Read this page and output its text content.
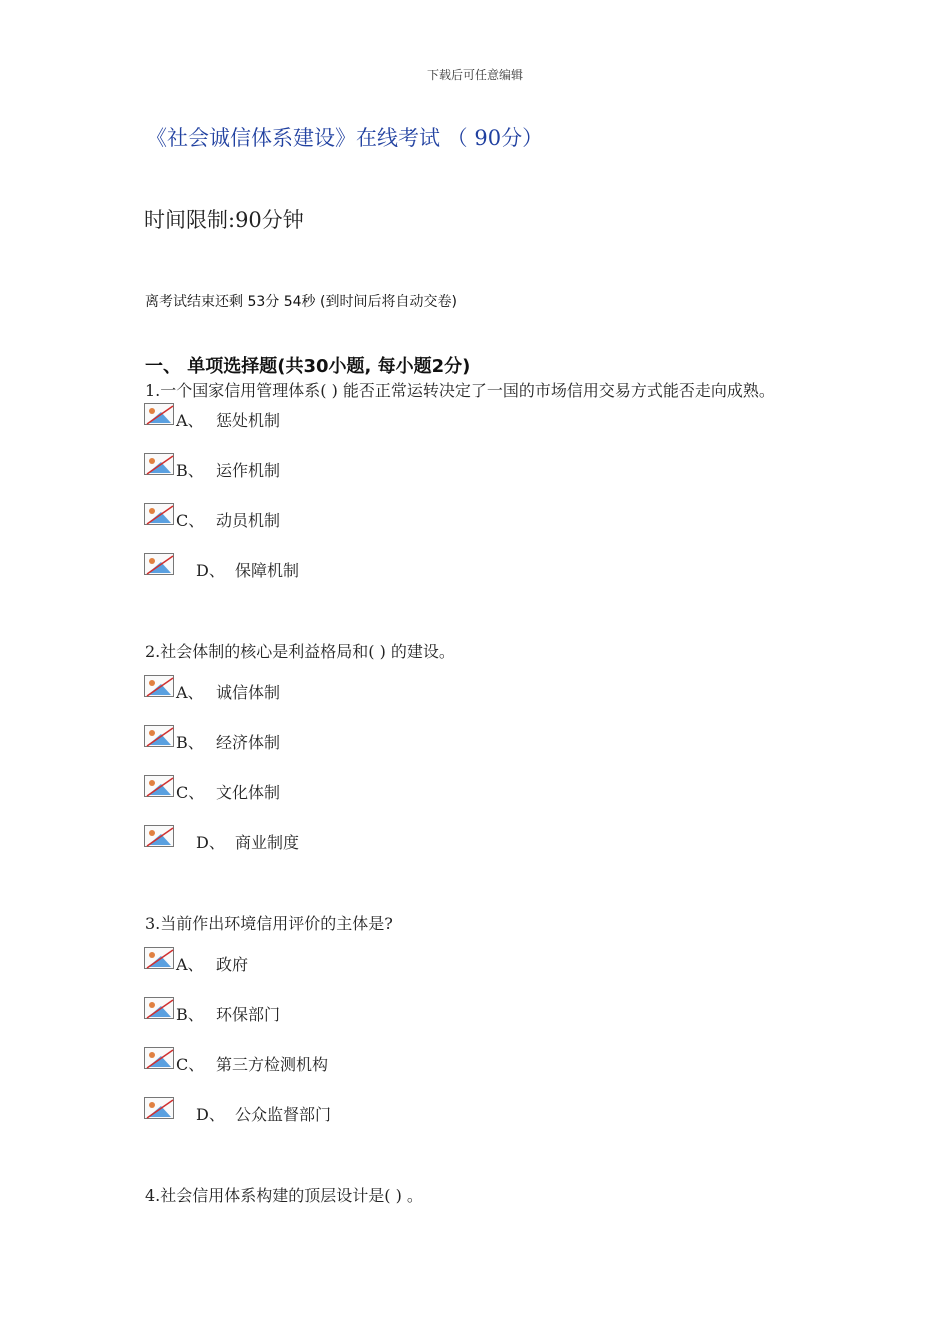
下载后可任意编辑
《社会诚信体系建设》在线考试 （ 90分）
时间限制:90分钟
离考试结束还剩 53分 54秒 (到时间后将自动交卷)
一、 单项选择题(共30小题, 每小题2分)
1.一个国家信用管理体系( ) 能否正常运转决定了一国的市场信用交易方式能否走向成熟。
A、 惩处机制
B、 运作机制
C、 动员机制
D、 保障机制
2.社会体制的核心是利益格局和( ) 的建设。
A、 诚信体制
B、 经济体制
C、 文化体制
D、 商业制度
3.当前作出环境信用评价的主体是?
A、 政府
B、 环保部门
C、 第三方检测机构
D、 公众监督部门
4.社会信用体系构建的顶层设计是( ) 。
